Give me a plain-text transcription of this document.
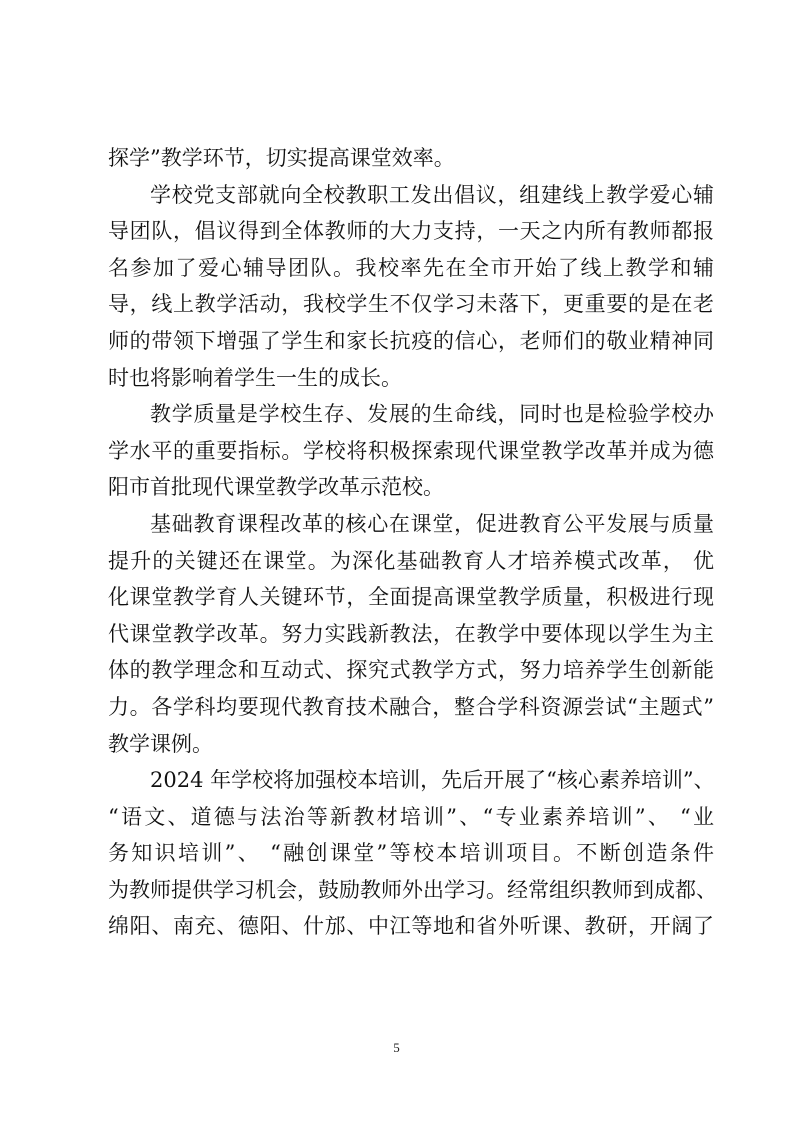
探学”教学环节，切实提高课堂效率。
学校党支部就向全校教职工发出倡议，组建线上教学爱心辅
导团队，倡议得到全体教师的大力支持，一天之内所有教师都报
名参加了爱心辅导团队。我校率先在全市开始了线上教学和辅
导，线上教学活动，我校学生不仅学习未落下，更重要的是在老
师的带领下增强了学生和家长抗疫的信心，老师们的敬业精神同
时也将影响着学生一生的成长。
教学质量是学校生存、发展的生命线，同时也是检验学校办
学水平的重要指标。学校将积极探索现代课堂教学改革并成为德
阳市首批现代课堂教学改革示范校。
基础教育课程改革的核心在课堂，促进教育公平发展与质量
提升的关键还在课堂。为深化基础教育人才培养模式改革， 优
化课堂教学育人关键环节，全面提高课堂教学质量，积极进行现
代课堂教学改革。努力实践新教法，在教学中要体现以学生为主
体的教学理念和互动式、探究式教学方式，努力培养学生创新能
力。各学科均要现代教育技术融合，整合学科资源尝试“主题式”
教学课例。
2024 年学校将加强校本培训，先后开展了“核心素养培训”、
“语文、道德与法治等新教材培训”、“专业素养培训”、 “业
务知识培训”、 “融创课堂”等校本培训项目。不断创造条件
为教师提供学习机会，鼓励教师外出学习。经常组织教师到成都、
绵阳、南充、德阳、什邡、中江等地和省外听课、教研，开阔了
5
